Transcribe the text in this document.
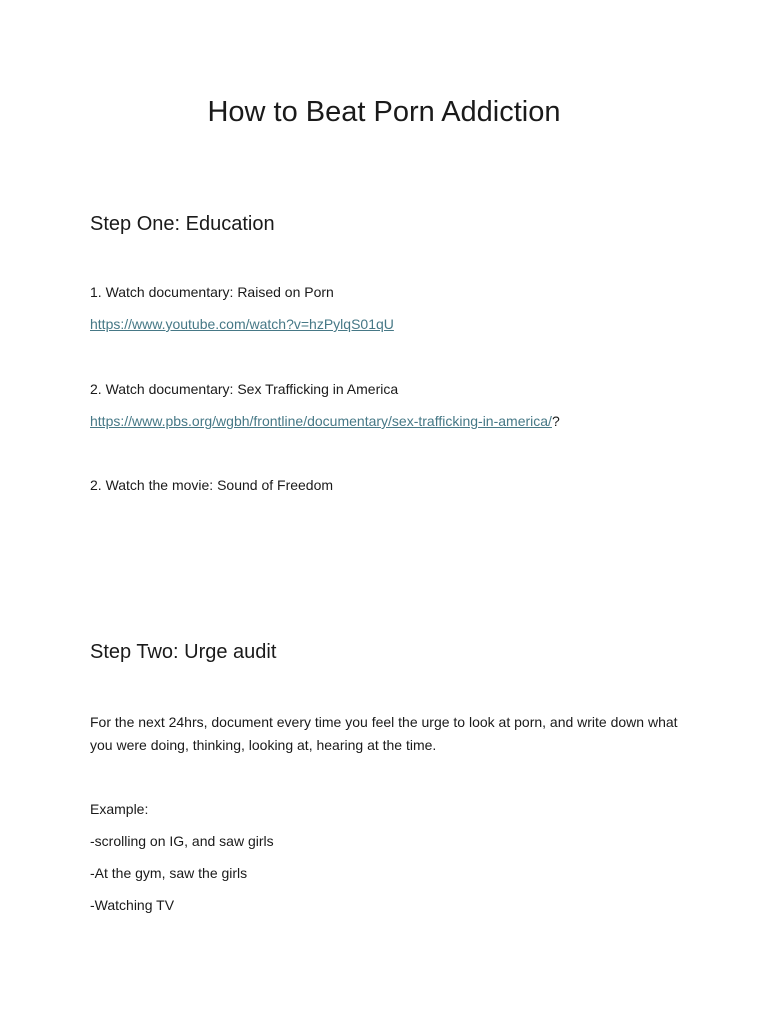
How to Beat Porn Addiction
Step One: Education

1. Watch documentary: Raised on Porn

https://www.youtube.com/watch?v=hzPylqS01qU

2. Watch documentary: Sex Trafficking in America

https://www.pbs.org/wgbh/frontline/documentary/sex-trafficking-in-america/?

2. Watch the movie: Sound of Freedom

Step Two: Urge audit

For the next 24hrs, document every time you feel the urge to look at porn, and write down what you were doing, thinking, looking at, hearing at the time.

Example:

-scrolling on IG, and saw girls

-At the gym, saw the girls

-Watching TV
